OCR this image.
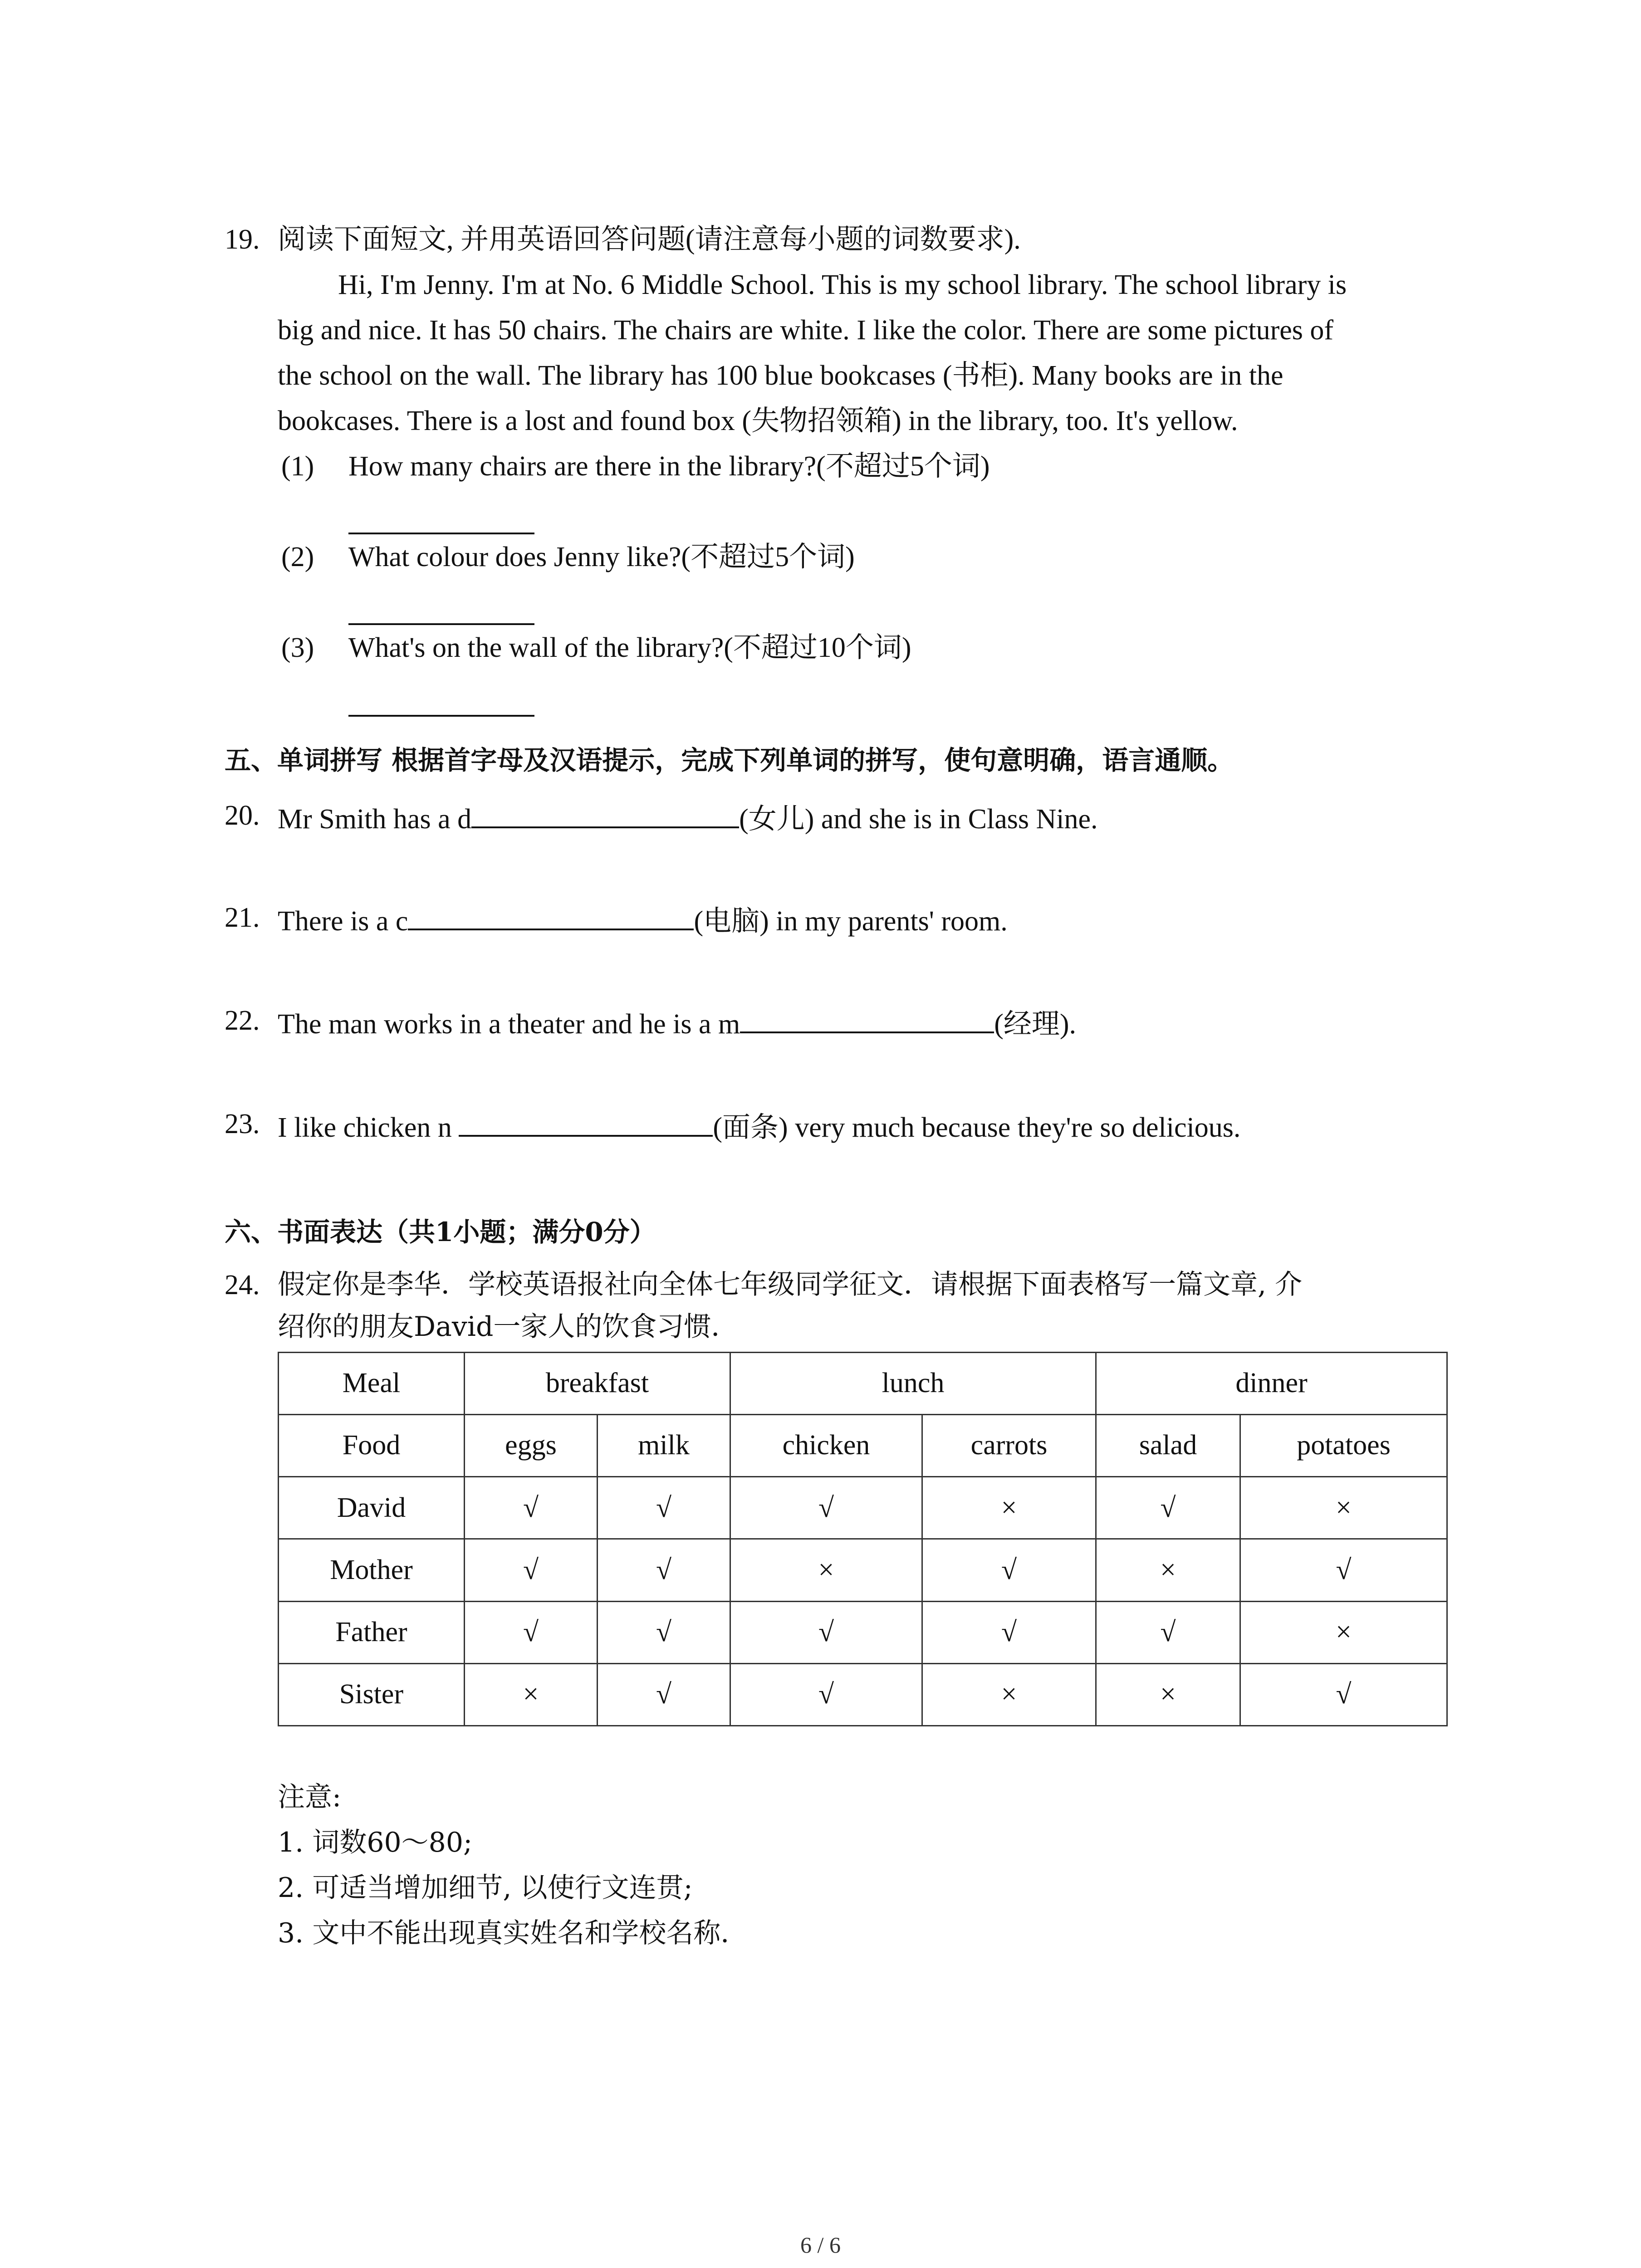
19. 阅读下面短文, 并用英语回答问题(请注意每小题的词数要求).
Hi, I'm Jenny. I'm at No. 6 Middle School. This is my school library. The school library is
big and nice. It has 50 chairs. The chairs are white. I like the color. There are some pictures of
the school on the wall. The library has 100 blue bookcases (书柜). Many books are in the
bookcases. There is a lost and found box (失物招领箱) in the library, too. It's yellow.
(1) How many chairs are there in the library?(不超过5个词)
(2) What colour does Jenny like?(不超过5个词)
(3) What's on the wall of the library?(不超过10个词)
五、单词拼写 根据首字母及汉语提示，完成下列单词的拼写，使句意明确，语言通顺。
20. Mr Smith has a d	(女儿) and she is in Class Nine.
21. There is a c	(电脑) in my parents' room.
22. The man works in a theater and he is a m	(经理).
23. I like chicken n	(面条) very much because they're so delicious.
六、书面表达（共1小题；满分0分）
24. 假定你是李华．学校英语报社向全体七年级同学征文．请根据下面表格写一篇文章, 介
绍你的朋友David一家人的饮食习惯．
Meal	breakfast		lunch		dinner	
Food	eggs	milk	chicken	carrots	salad	potatoes
David	√	√	√	×	√	×
Mother	√	√	×	√	×	√
Father	√	√	√	√	√	×
Sister	×	√	√	×	×	√
注意:
1. 词数60～80;
2. 可适当增加细节, 以使行文连贯;
3. 文中不能出现真实姓名和学校名称．
6 / 6
